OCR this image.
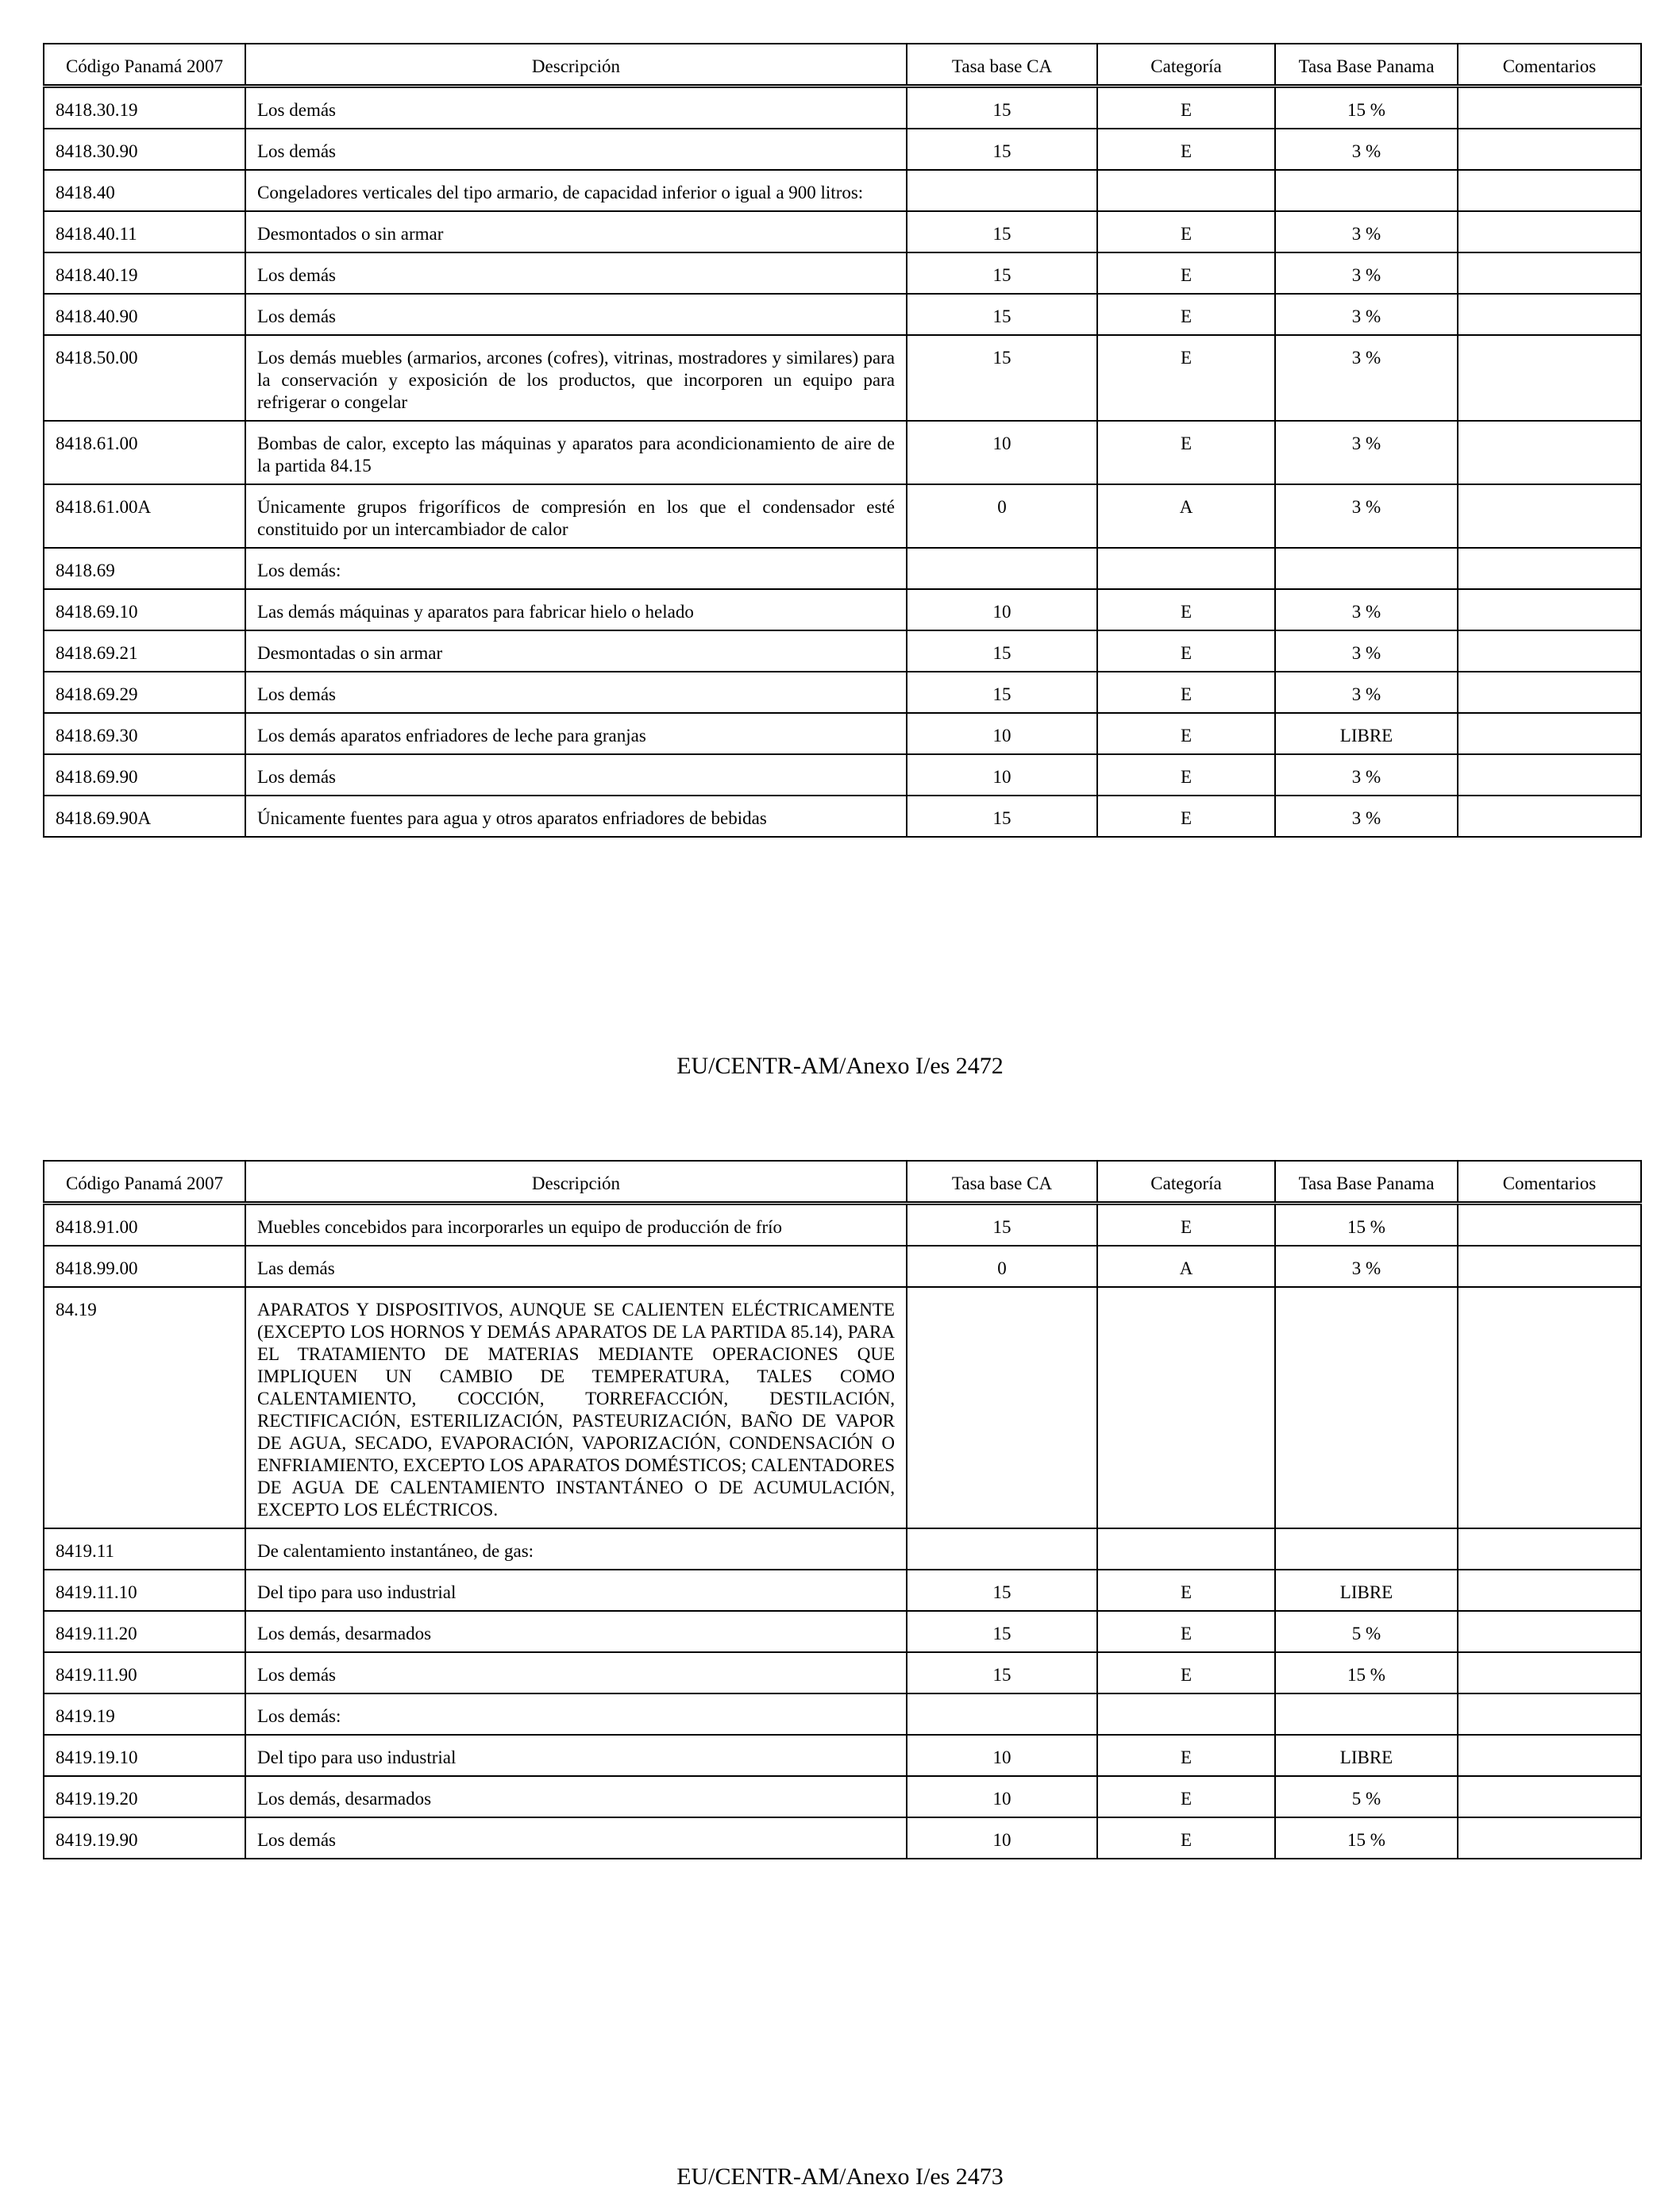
Código Panamá 2007	Descripción	Tasa base CA	Categoría	Tasa Base Panama	Comentarios
8418.30.19	Los demás	15	E	15 %	
8418.30.90	Los demás	15	E	3 %	
8418.40	Congeladores verticales del tipo armario, de capacidad inferior o igual a 900 litros:				
8418.40.11	Desmontados o sin armar	15	E	3 %	
8418.40.19	Los demás	15	E	3 %	
8418.40.90	Los demás	15	E	3 %	
8418.50.00	Los demás muebles (armarios, arcones (cofres), vitrinas, mostradores y similares) para la conservación y exposición de los productos, que incorporen un equipo para refrigerar o congelar	15	E	3 %	
8418.61.00	Bombas de calor, excepto las máquinas y aparatos para acondicionamiento de aire de la partida 84.15	10	E	3 %	
8418.61.00A	Únicamente grupos frigoríficos de compresión en los que el condensador esté constituido por un intercambiador de calor	0	A	3 %	
8418.69	Los demás:				
8418.69.10	Las demás máquinas y aparatos para fabricar hielo o helado	10	E	3 %	
8418.69.21	Desmontadas o sin armar	15	E	3 %	
8418.69.29	Los demás	15	E	3 %	
8418.69.30	Los demás aparatos enfriadores de leche para granjas	10	E	LIBRE	
8418.69.90	Los demás	10	E	3 %	
8418.69.90A	Únicamente fuentes para agua y otros aparatos enfriadores de bebidas	15	E	3 %	
EU/CENTR-AM/Anexo I/es 2472
Código Panamá 2007	Descripción	Tasa base CA	Categoría	Tasa Base Panama	Comentarios
8418.91.00	Muebles concebidos para incorporarles un equipo de producción de frío	15	E	15 %	
8418.99.00	Las demás	0	A	3 %	
84.19	APARATOS Y DISPOSITIVOS, AUNQUE SE CALIENTEN ELÉCTRICAMENTE (EXCEPTO LOS HORNOS Y DEMÁS APARATOS DE LA PARTIDA 85.14), PARA EL TRATAMIENTO DE MATERIAS MEDIANTE OPERACIONES QUE IMPLIQUEN UN CAMBIO DE TEMPERATURA, TALES COMO CALENTAMIENTO, COCCIÓN, TORREFACCIÓN, DESTILACIÓN, RECTIFICACIÓN, ESTERILIZACIÓN, PASTEURIZACIÓN, BAÑO DE VAPOR DE AGUA, SECADO, EVAPORACIÓN, VAPORIZACIÓN, CONDENSACIÓN O ENFRIAMIENTO, EXCEPTO LOS APARATOS DOMÉSTICOS; CALENTADORES DE AGUA DE CALENTAMIENTO INSTANTÁNEO O DE ACUMULACIÓN, EXCEPTO LOS ELÉCTRICOS.				
8419.11	De calentamiento instantáneo, de gas:				
8419.11.10	Del tipo para uso industrial	15	E	LIBRE	
8419.11.20	Los demás, desarmados	15	E	5 %	
8419.11.90	Los demás	15	E	15 %	
8419.19	Los demás:				
8419.19.10	Del tipo para uso industrial	10	E	LIBRE	
8419.19.20	Los demás, desarmados	10	E	5 %	
8419.19.90	Los demás	10	E	15 %	
EU/CENTR-AM/Anexo I/es 2473
